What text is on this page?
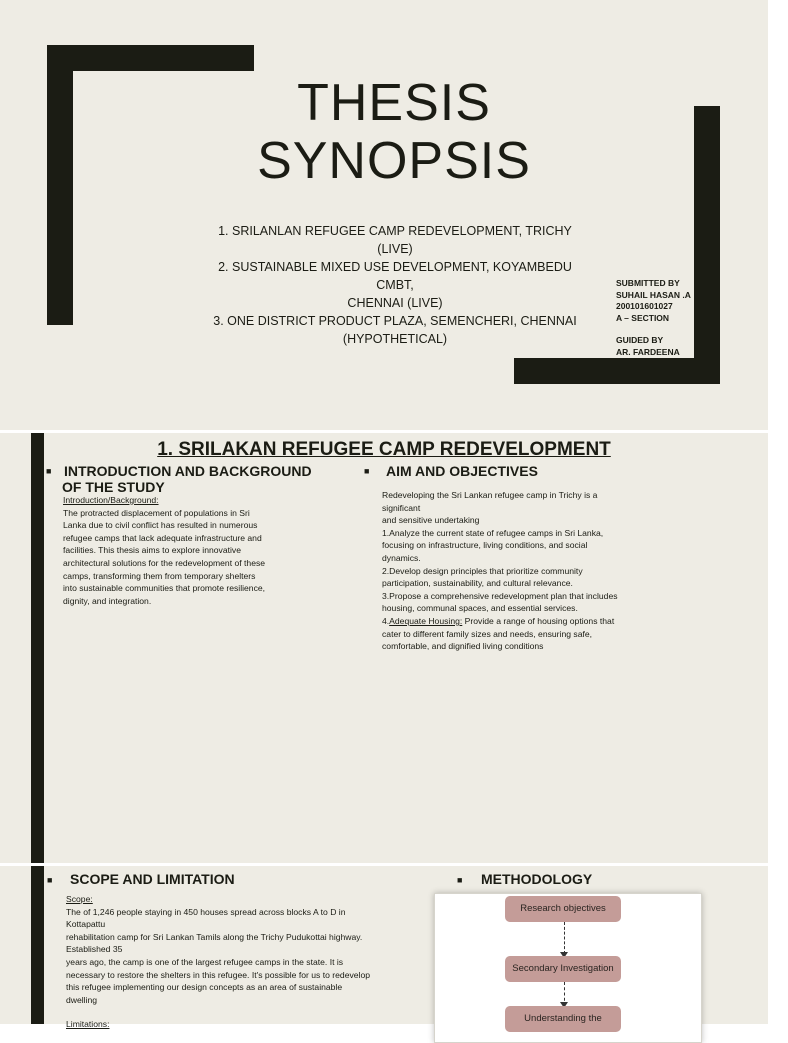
THESIS
SYNOPSIS
1. SRILANLAN REFUGEE CAMP REDEVELOPMENT, TRICHY (LIVE)
2. SUSTAINABLE MIXED USE DEVELOPMENT, KOYAMBEDU CMBT,
CHENNAI (LIVE)
3. ONE DISTRICT PRODUCT PLAZA, SEMENCHERI, CHENNAI
(HYPOTHETICAL)
SUBMITTED BY
SUHAIL HASAN .A
200101601027
A – SECTION
GUIDED BY
AR. FARDEENA
1. SRILAKAN REFUGEE CAMP REDEVELOPMENT
■ INTRODUCTION AND BACKGROUND
OF THE STUDY
Introduction/Background:
The protracted displacement of populations in Sri
Lanka due to civil conflict has resulted in numerous
refugee camps that lack adequate infrastructure and
facilities. This thesis aims to explore innovative
architectural solutions for the redevelopment of these
camps, transforming them from temporary shelters
into sustainable communities that promote resilience,
dignity, and integration.
■ AIM AND OBJECTIVES
Redeveloping the Sri Lankan refugee camp in Trichy is a
significant
and sensitive undertaking
1.Analyze the current state of refugee camps in Sri Lanka,
focusing on infrastructure, living conditions, and social
dynamics.
2.Develop design principles that prioritize community
participation, sustainability, and cultural relevance.
3.Propose a comprehensive redevelopment plan that includes
housing, communal spaces, and essential services.
4.Adequate Housing: Provide a range of housing options that
cater to different family sizes and needs, ensuring safe,
comfortable, and dignified living conditions
■ SCOPE AND LIMITATION
Scope:
The of 1,246 people staying in 450 houses spread across blocks A to D in
Kottapattu
rehabilitation camp for Sri Lankan Tamils along the Trichy Pudukottai highway.
Established 35
years ago, the camp is one of the largest refugee camps in the state. It is
necessary to restore the shelters in this refugee. It's possible for us to redevelop
this refugee implementing our design concepts as an area of sustainable
dwelling
Limitations:
■ METHODOLOGY
Research objectives
Secondary Investigation
Understanding the
